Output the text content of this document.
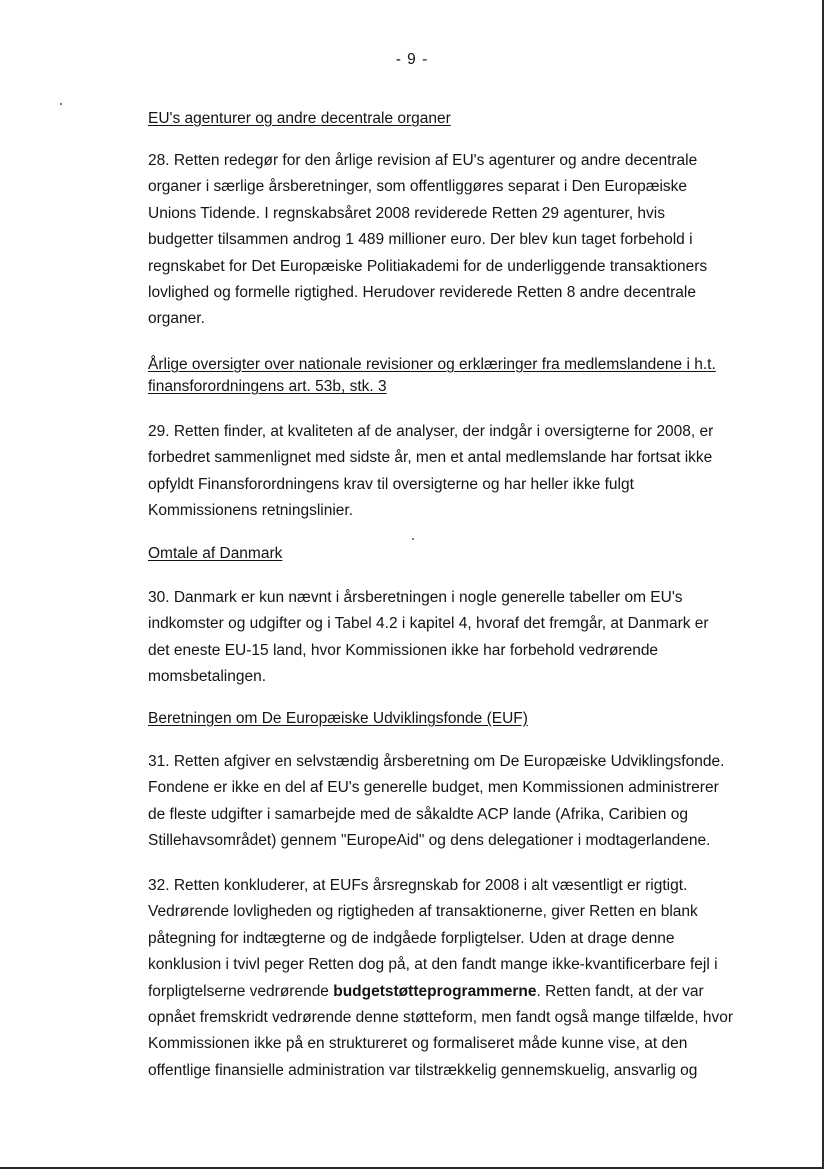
- 9 -
EU's agenturer og andre decentrale organer
28. Retten redegør for den årlige revision af EU's agenturer og andre decentrale
organer i særlige årsberetninger, som offentliggøres separat i Den Europæiske
Unions Tidende. I regnskabsåret 2008 reviderede Retten 29 agenturer, hvis
budgetter tilsammen androg 1 489 millioner euro. Der blev kun taget forbehold i
regnskabet for Det Europæiske Politiakademi for de underliggende transaktioners
lovlighed og formelle rigtighed. Herudover reviderede Retten 8 andre decentrale
organer.
Årlige oversigter over nationale revisioner og erklæringer fra medlemslandene i h.t.
finansforordningens art. 53b, stk. 3
29. Retten finder, at kvaliteten af de analyser, der indgår i oversigterne for 2008, er
forbedret sammenlignet med sidste år, men et antal medlemslande har fortsat ikke
opfyldt Finansforordningens krav til oversigterne og har heller ikke fulgt
Kommissionens retningslinier.
Omtale af Danmark
30. Danmark er kun nævnt i årsberetningen i nogle generelle tabeller om EU's
indkomster og udgifter og i Tabel 4.2 i kapitel 4, hvoraf det fremgår, at Danmark er
det eneste EU-15 land, hvor Kommissionen ikke har forbehold vedrørende
momsbetalingen.
Beretningen om De Europæiske Udviklingsfonde (EUF)
31. Retten afgiver en selvstændig årsberetning om De Europæiske Udviklingsfonde.
Fondene er ikke en del af EU's generelle budget, men Kommissionen administrerer
de fleste udgifter i samarbejde med de såkaldte ACP lande (Afrika, Caribien og
Stillehavsområdet) gennem "EuropeAid" og dens delegationer i modtagerlandene.
32. Retten konkluderer, at EUFs årsregnskab for 2008 i alt væsentligt er rigtigt.
Vedrørende lovligheden og rigtigheden af transaktionerne, giver Retten en blank
påtegning for indtægterne og de indgåede forpligtelser. Uden at drage denne
konklusion i tvivl peger Retten dog på, at den fandt mange ikke-kvantificerbare fejl i
forpligtelserne vedrørende budgetstøtteprogrammerne. Retten fandt, at der var
opnået fremskridt vedrørende denne støtteform, men fandt også mange tilfælde, hvor
Kommissionen ikke på en struktureret og formaliseret måde kunne vise, at den
offentlige finansielle administration var tilstrækkelig gennemskuelig, ansvarlig og
